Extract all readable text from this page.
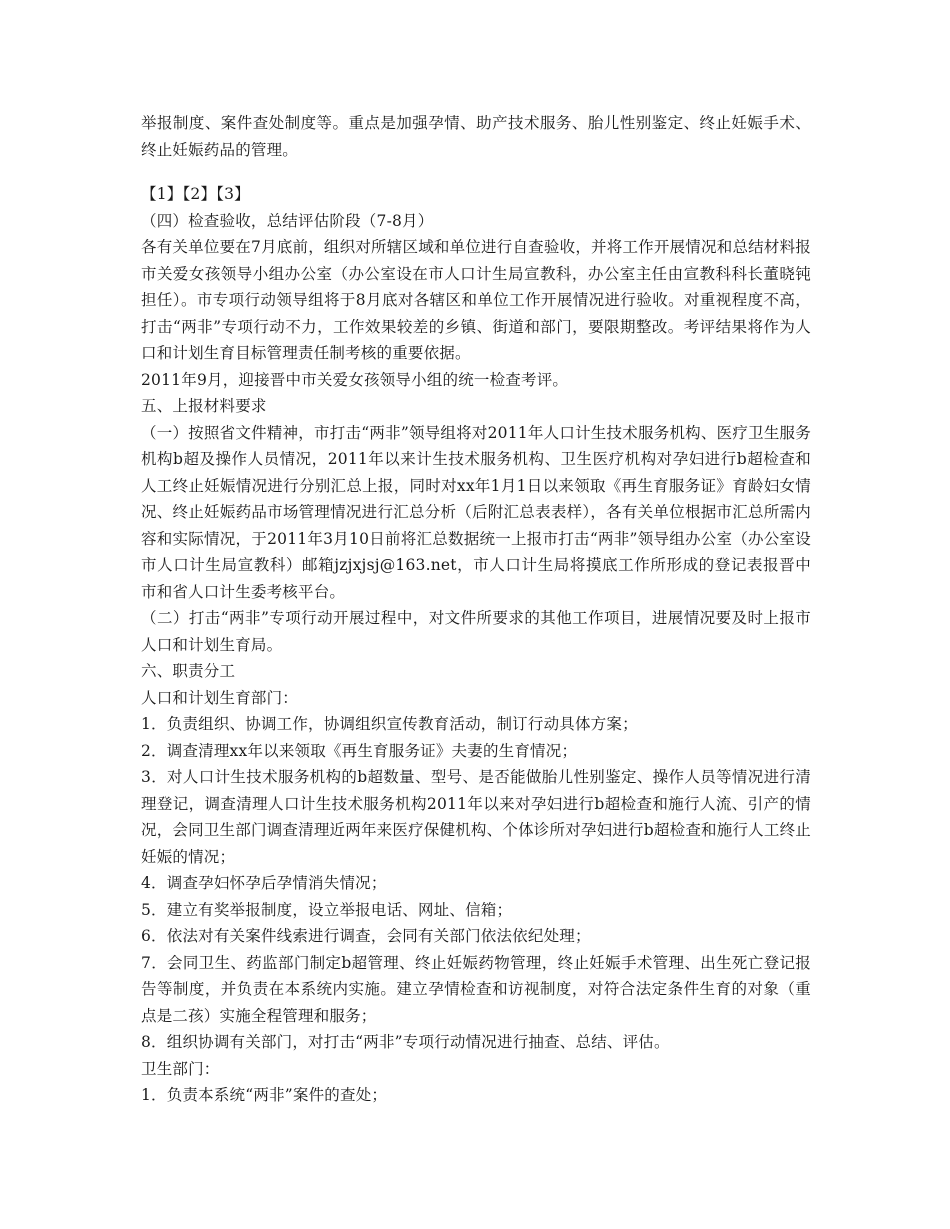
举报制度、案件查处制度等。重点是加强孕情、助产技术服务、胎儿性别鉴定、终止妊娠手术、终止妊娠药品的管理。

【1】【2】【3】

（四）检查验收，总结评估阶段（7-8月）

各有关单位要在7月底前，组织对所辖区域和单位进行自查验收，并将工作开展情况和总结材料报市关爱女孩领导小组办公室（办公室设在市人口计生局宣教科，办公室主任由宣教科科长董晓钝担任）。市专项行动领导组将于8月底对各辖区和单位工作开展情况进行验收。对重视程度不高，打击“两非”专项行动不力，工作效果较差的乡镇、街道和部门，要限期整改。考评结果将作为人口和计划生育目标管理责任制考核的重要依据。

2011年9月，迎接晋中市关爱女孩领导小组的统一检查考评。

五、上报材料要求

（一）按照省文件精神，市打击“两非”领导组将对2011年人口计生技术服务机构、医疗卫生服务机构b超及操作人员情况，2011年以来计生技术服务机构、卫生医疗机构对孕妇进行b超检查和人工终止妊娠情况进行分别汇总上报，同时对xx年1月1日以来领取《再生育服务证》育龄妇女情况、终止妊娠药品市场管理情况进行汇总分析（后附汇总表表样），各有关单位根据市汇总所需内容和实际情况，于2011年3月10日前将汇总数据统一上报市打击“两非”领导组办公室（办公室设市人口计生局宣教科）邮箱jzjxjsj@163.net，市人口计生局将摸底工作所形成的登记表报晋中市和省人口计生委考核平台。

（二）打击“两非”专项行动开展过程中，对文件所要求的其他工作项目，进展情况要及时上报市人口和计划生育局。

六、职责分工

人口和计划生育部门：

1．负责组织、协调工作，协调组织宣传教育活动，制订行动具体方案；

2．调查清理xx年以来领取《再生育服务证》夫妻的生育情况；

3．对人口计生技术服务机构的b超数量、型号、是否能做胎儿性别鉴定、操作人员等情况进行清理登记，调查清理人口计生技术服务机构2011年以来对孕妇进行b超检查和施行人流、引产的情况，会同卫生部门调查清理近两年来医疗保健机构、个体诊所对孕妇进行b超检查和施行人工终止妊娠的情况；

4．调查孕妇怀孕后孕情消失情况；

5．建立有奖举报制度，设立举报电话、网址、信箱；

6．依法对有关案件线索进行调查，会同有关部门依法依纪处理；

7．会同卫生、药监部门制定b超管理、终止妊娠药物管理，终止妊娠手术管理、出生死亡登记报告等制度，并负责在本系统内实施。建立孕情检查和访视制度，对符合法定条件生育的对象（重点是二孩）实施全程管理和服务；

8．组织协调有关部门，对打击“两非”专项行动情况进行抽查、总结、评估。

卫生部门：

1．负责本系统“两非”案件的查处；
